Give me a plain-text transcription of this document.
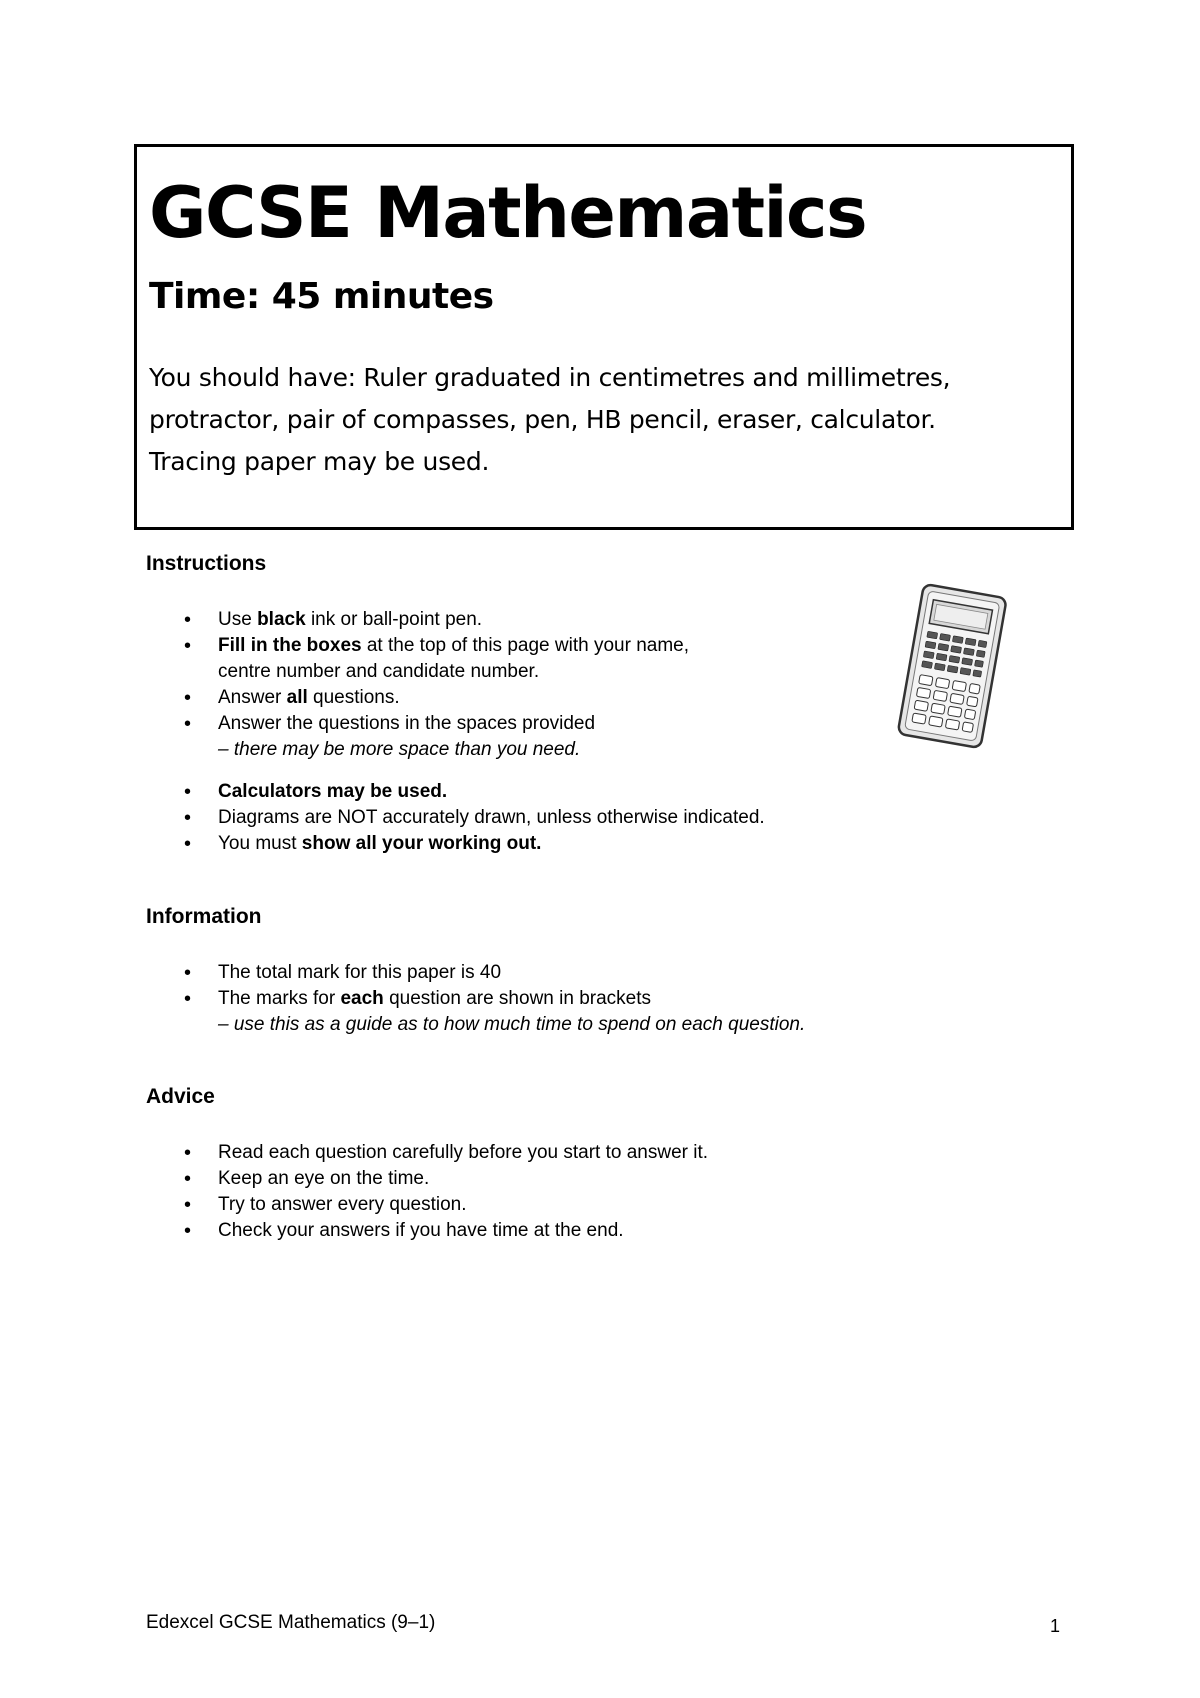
GCSE Mathematics
Time: 45 minutes

You should have: Ruler graduated in centimetres and millimetres,
protractor, pair of compasses, pen, HB pencil, eraser, calculator.
Tracing paper may be used.

Instructions
• Use black ink or ball-point pen.
• Fill in the boxes at the top of this page with your name,
centre number and candidate number.
• Answer all questions.
• Answer the questions in the spaces provided
– there may be more space than you need.
• Calculators may be used.
• Diagrams are NOT accurately drawn, unless otherwise indicated.
• You must show all your working out.
Information
• The total mark for this paper is 40
• The marks for each question are shown in brackets
– use this as a guide as to how much time to spend on each question.
Advice
• Read each question carefully before you start to answer it.
• Keep an eye on the time.
• Try to answer every question.
• Check your answers if you have time at the end.
Edexcel GCSE Mathematics (9–1)	1
